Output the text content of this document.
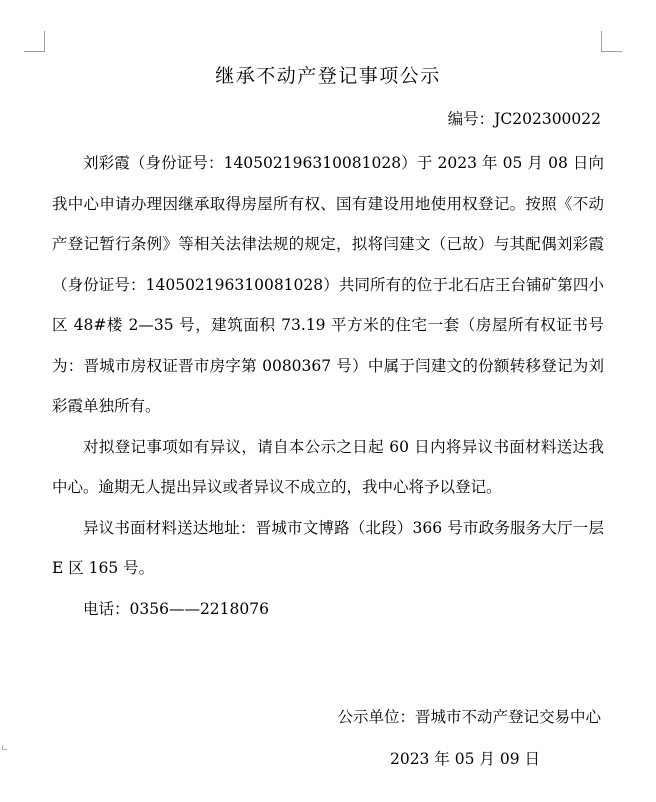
继承不动产登记事项公示
编号：JC202300022

刘彩霞（身份证号：140502196310081028）于 2023 年 05 月 08 日向我中心申请办理因继承取得房屋所有权、国有建设用地使用权登记。按照《不动产登记暂行条例》等相关法律法规的规定，拟将闫建文（已故）与其配偶刘彩霞（身份证号：140502196310081028）共同所有的位于北石店王台铺矿第四小区 48#楼 2—35 号，建筑面积 73.19 平方米的住宅一套（房屋所有权证书号为：晋城市房权证晋市房字第 0080367 号）中属于闫建文的份额转移登记为刘彩霞单独所有。

对拟登记事项如有异议，请自本公示之日起 60 日内将异议书面材料送达我中心。逾期无人提出异议或者异议不成立的，我中心将予以登记。

异议书面材料送达地址：晋城市文博路（北段）366 号市政务服务大厅一层 E 区 165 号。

电话：0356——2218076

公示单位：晋城市不动产登记交易中心
2023 年 05 月 09 日
